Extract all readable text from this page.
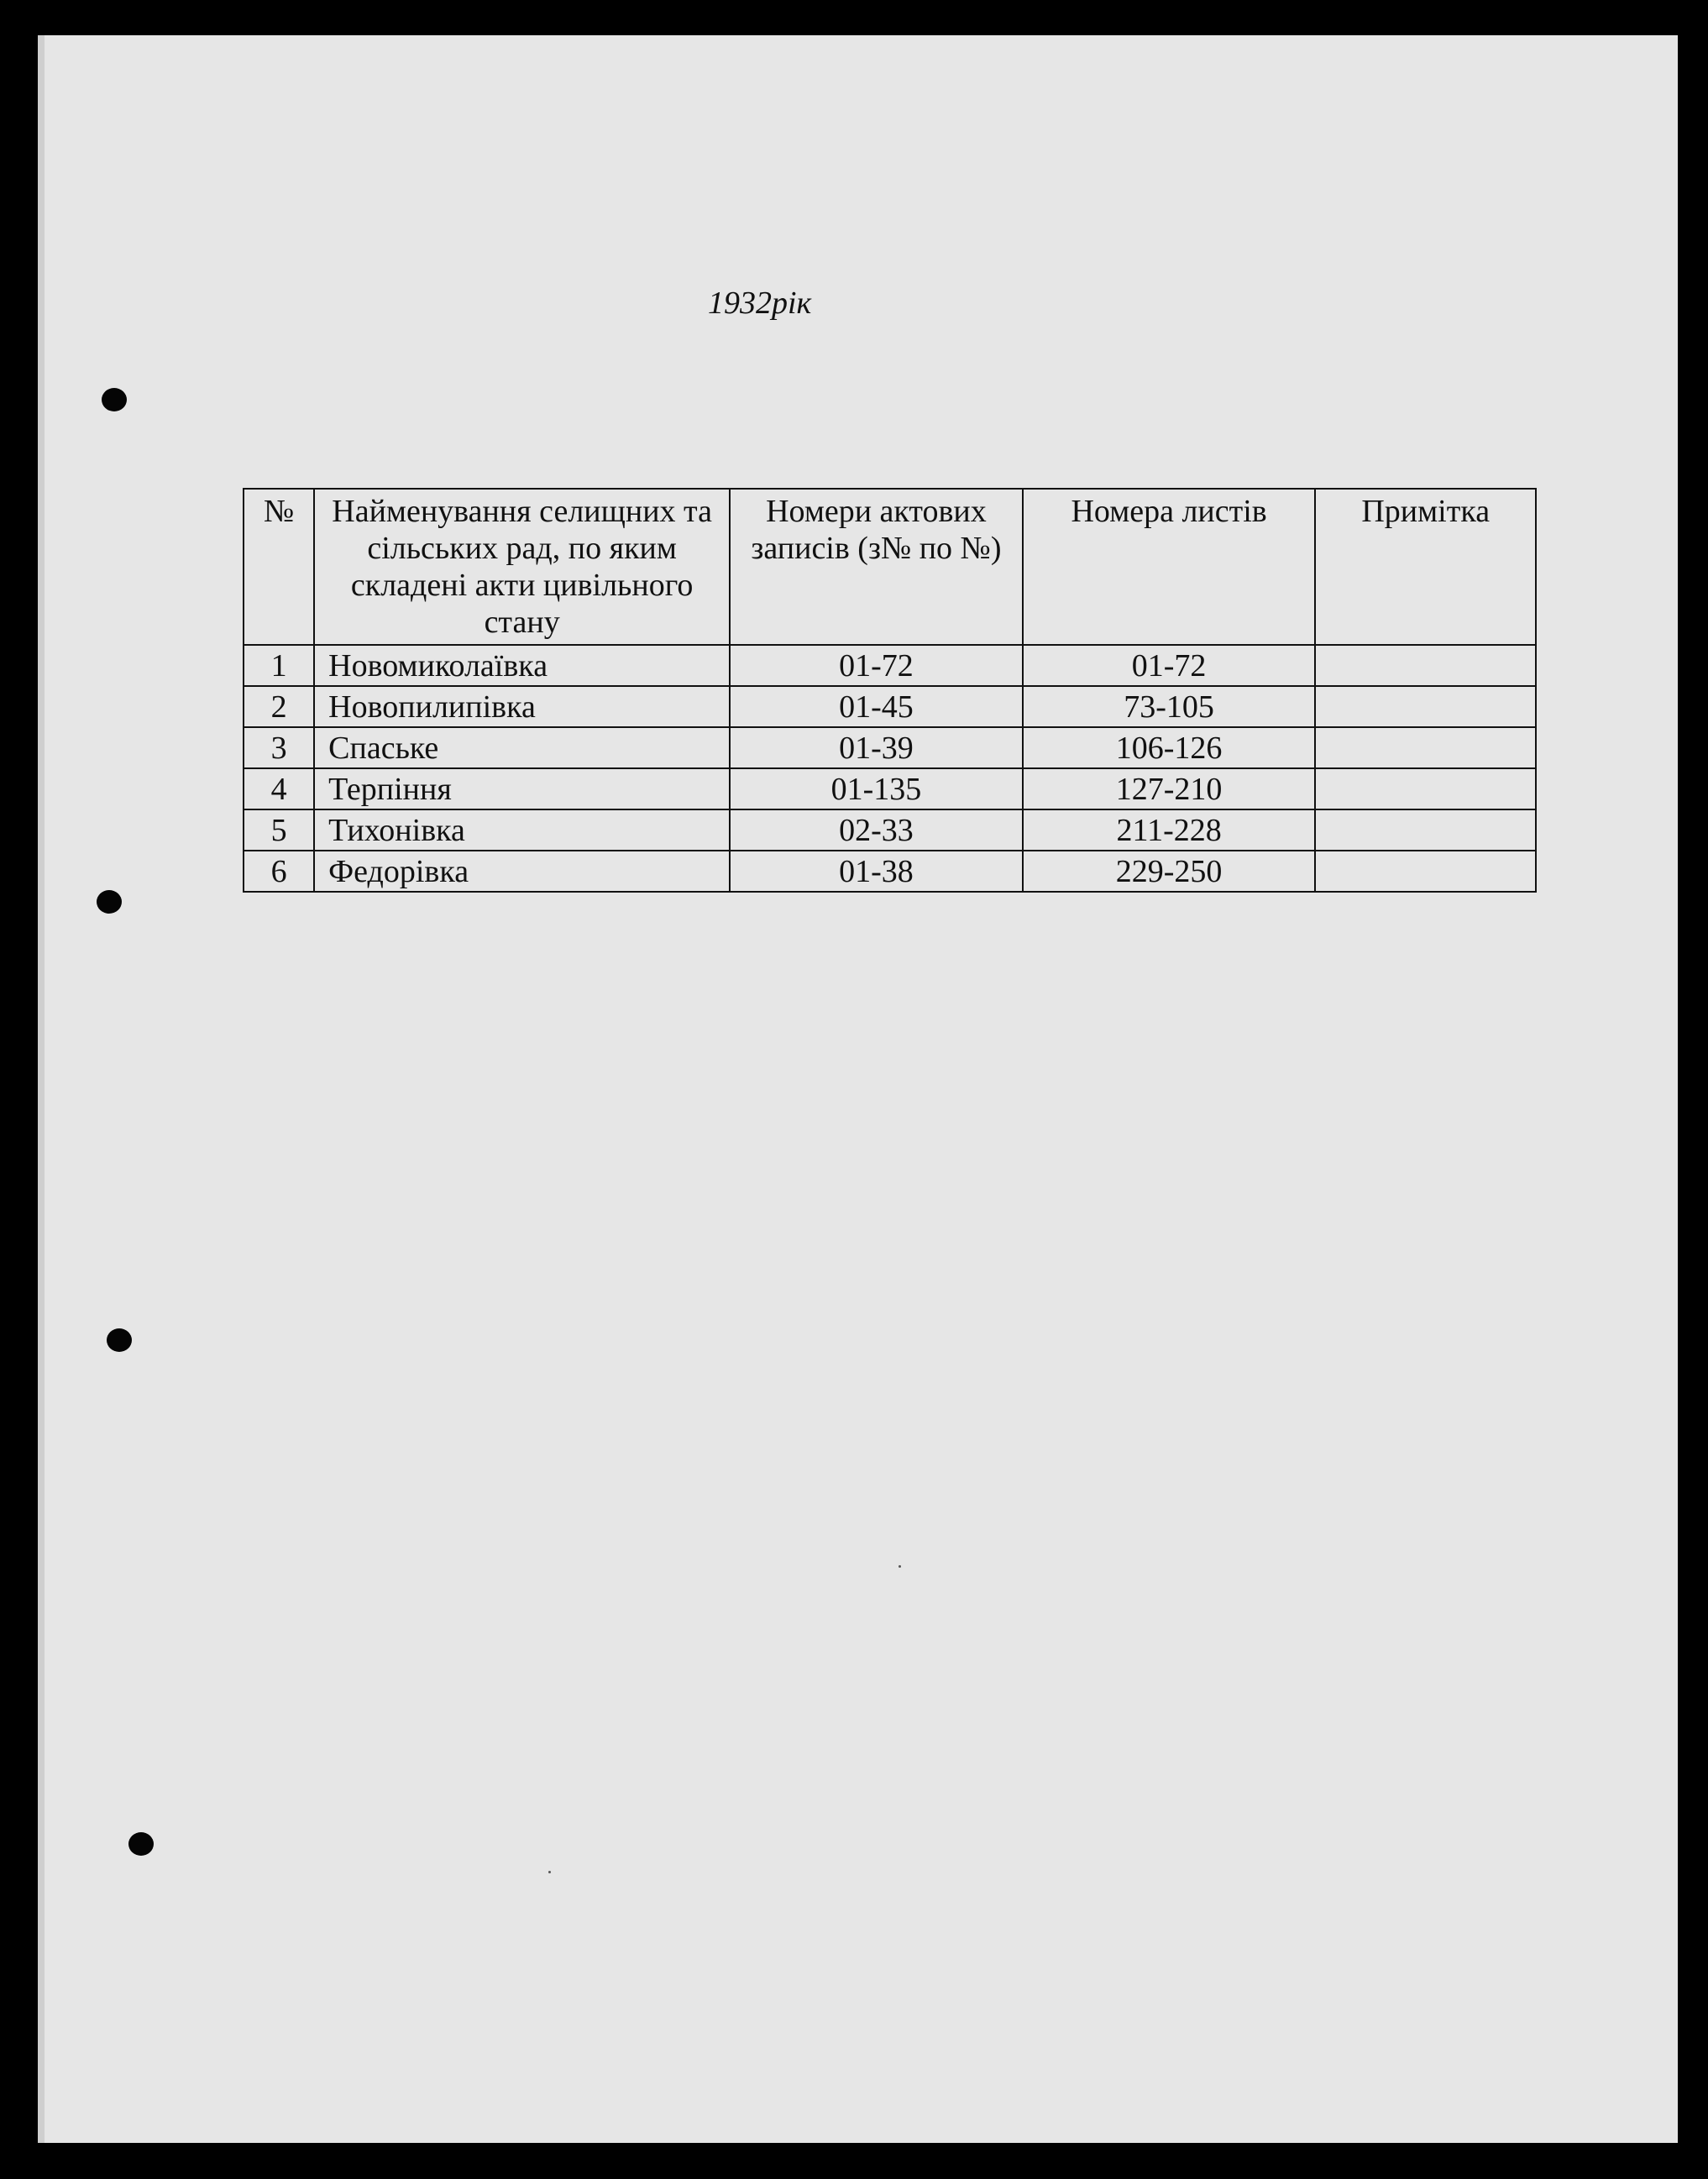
1932рік
№	Найменування селищних та сільських рад, по яким складені акти цивільного стану	Номери актових записів (з№ по №)	Номера листів	Примітка
1	Новомиколаївка	01-72	01-72	
2	Новопилипівка	01-45	73-105	
3	Спаське	01-39	106-126	
4	Терпіння	01-135	127-210	
5	Тихонівка	02-33	211-228	
6	Федорівка	01-38	229-250	
